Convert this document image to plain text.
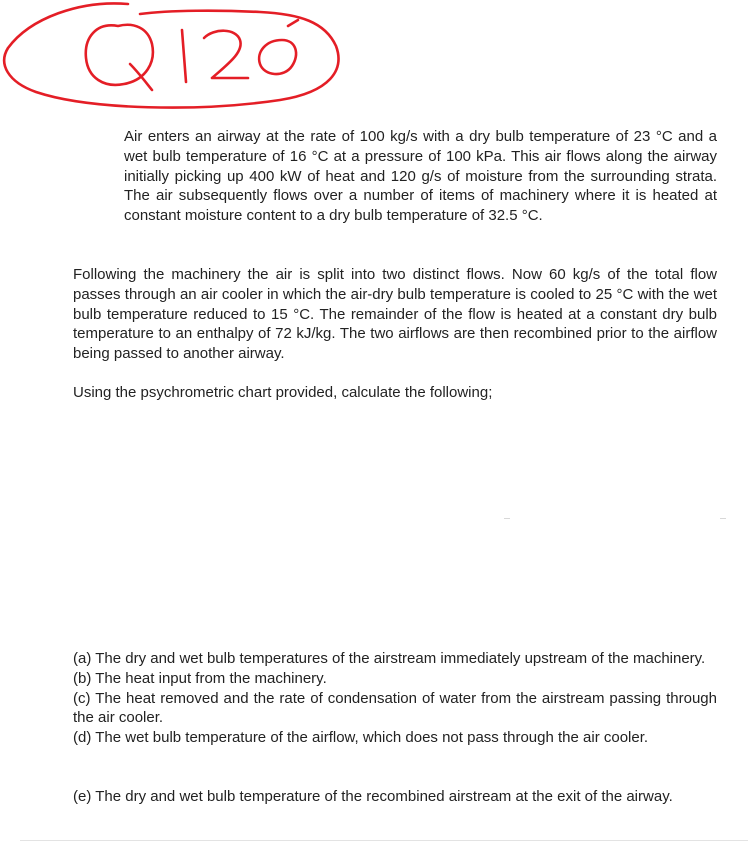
Air enters an airway at the rate of 100 kg/s with a dry bulb temperature of 23 °C and a wet bulb temperature of 16 °C at a pressure of 100 kPa. This air flows along the airway initially picking up 400 kW of heat and 120 g/s of moisture from the surrounding strata. The air subsequently flows over a number of items of machinery where it is heated at constant moisture content to a dry bulb temperature of 32.5 °C.

Following the machinery the air is split into two distinct flows. Now 60 kg/s of the total flow passes through an air cooler in which the air-dry bulb temperature is cooled to 25 °C with the wet bulb temperature reduced to 15 °C. The remainder of the flow is heated at a constant dry bulb temperature to an enthalpy of 72 kJ/kg. The two airflows are then recombined prior to the airflow being passed to another airway.

Using the psychrometric chart provided, calculate the following;

(a) The dry and wet bulb temperatures of the airstream immediately upstream of the machinery.
(b) The heat input from the machinery.
(c) The heat removed and the rate of condensation of water from the airstream passing through the air cooler.
(d) The wet bulb temperature of the airflow, which does not pass through the air cooler.

(e) The dry and wet bulb temperature of the recombined airstream at the exit of the airway.
